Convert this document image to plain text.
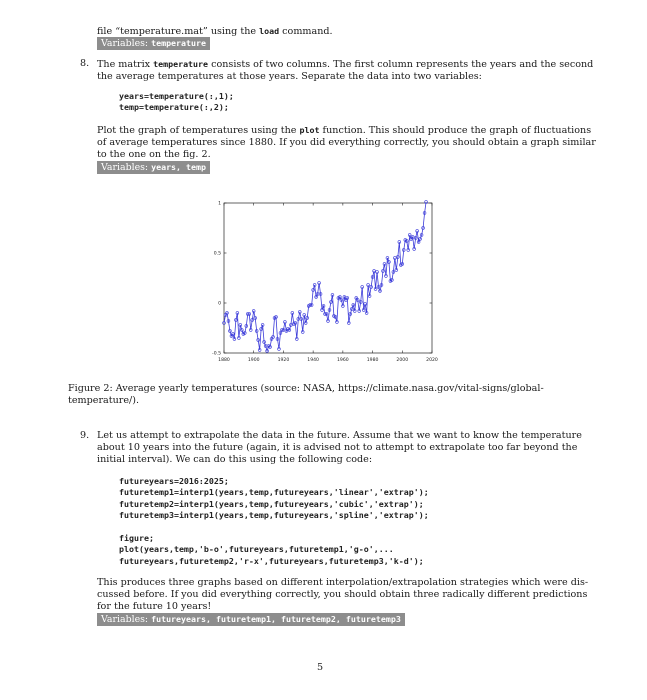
file “temperature.mat” using the load command.
Variables: temperature
8. The matrix temperature consists of two columns. The first column represents the years and the second
the average temperatures at those years. Separate the data into two variables:
years=temperature(:,1);
temp=temperature(:,2);
Plot the graph of temperatures using the plot function. This should produce the graph of fluctuations
of average temperatures since 1880. If you did everything correctly, you should obtain a graph similar
to the one on the fig. 2.
Variables: years, temp
1880	1900	1920	1940	1960	1980	2000	2020
-0.5
0
0.5
1
Figure 2: Average yearly temperatures (source: NASA, https://climate.nasa.gov/vital-signs/global-
temperature/).
9. Let us attempt to extrapolate the data in the future. Assume that we want to know the temperature
about 10 years into the future (again, it is advised not to attempt to extrapolate too far beyond the
initial interval). We can do this using the following code:
futureyears=2016:2025;
futuretemp1=interp1(years,temp,futureyears,'linear','extrap');
futuretemp2=interp1(years,temp,futureyears,'cubic','extrap');
futuretemp3=interp1(years,temp,futureyears,'spline','extrap');
figure;
plot(years,temp,'b-o',futureyears,futuretemp1,'g-o',...
futureyears,futuretemp2,'r-x',futureyears,futuretemp3,'k-d');
This produces three graphs based on different interpolation/extrapolation strategies which were dis-
cussed before. If you did everything correctly, you should obtain three radically different predictions
for the future 10 years!
Variables: futureyears, futuretemp1, futuretemp2, futuretemp3
5
